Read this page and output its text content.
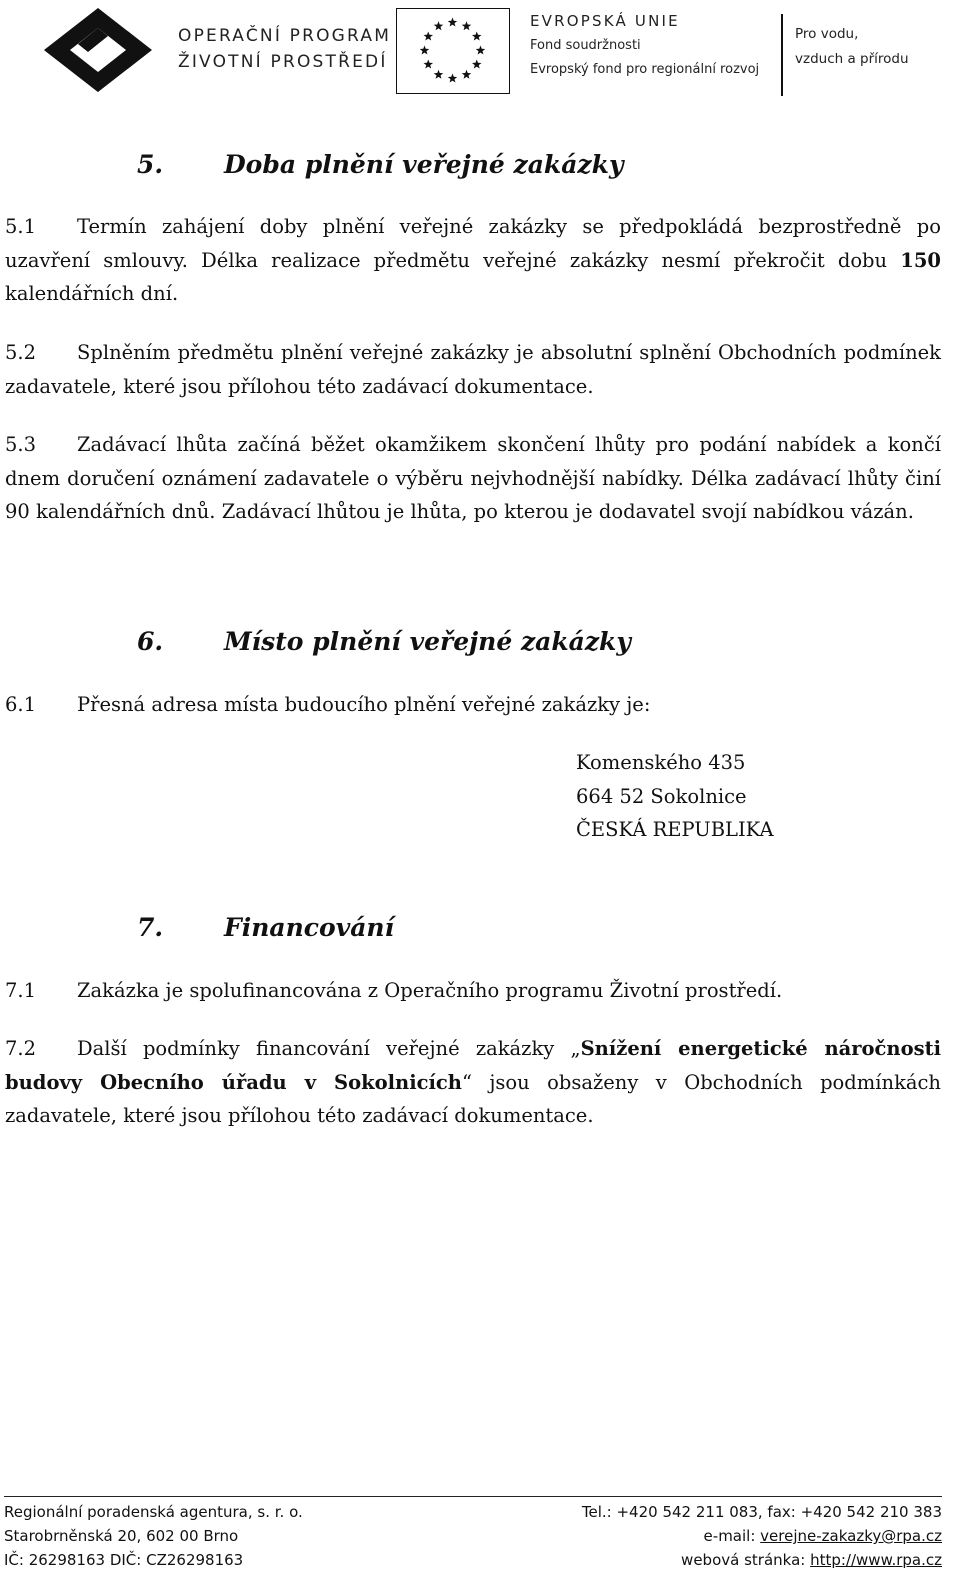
OPERAČNÍ PROGRAM
ŽIVOTNÍ PROSTŘEDÍ
EVROPSKÁ UNIE
Fond soudržnosti
Evropský fond pro regionální rozvoj
Pro vodu,
vzduch a přírodu
5. Doba plnění veřejné zakázky
5.1 Termín zahájení doby plnění veřejné zakázky se předpokládá bezprostředně po uzavření smlouvy. Délka realizace předmětu veřejné zakázky nesmí překročit dobu 150 kalendářních dní.
5.2 Splněním předmětu plnění veřejné zakázky je absolutní splnění Obchodních podmínek zadavatele, které jsou přílohou této zadávací dokumentace.
5.3 Zadávací lhůta začíná běžet okamžikem skončení lhůty pro podání nabídek a končí dnem doručení oznámení zadavatele o výběru nejvhodnější nabídky. Délka zadávací lhůty činí 90 kalendářních dnů. Zadávací lhůtou je lhůta, po kterou je dodavatel svojí nabídkou vázán.
6. Místo plnění veřejné zakázky
6.1 Přesná adresa místa budoucího plnění veřejné zakázky je:
Komenského 435
664 52 Sokolnice
ČESKÁ REPUBLIKA
7. Financování
7.1 Zakázka je spolufinancována z Operačního programu Životní prostředí.
7.2 Další podmínky financování veřejné zakázky „Snížení energetické náročnosti budovy Obecního úřadu v Sokolnicích“ jsou obsaženy v Obchodních podmínkách zadavatele, které jsou přílohou této zadávací dokumentace.
Regionální poradenská agentura, s. r. o.
Starobrněnská 20, 602 00 Brno
IČ: 26298163 DIČ: CZ26298163
Tel.: +420 542 211 083, fax: +420 542 210 383
e-mail: verejne-zakazky@rpa.cz
webová stránka: http://www.rpa.cz
